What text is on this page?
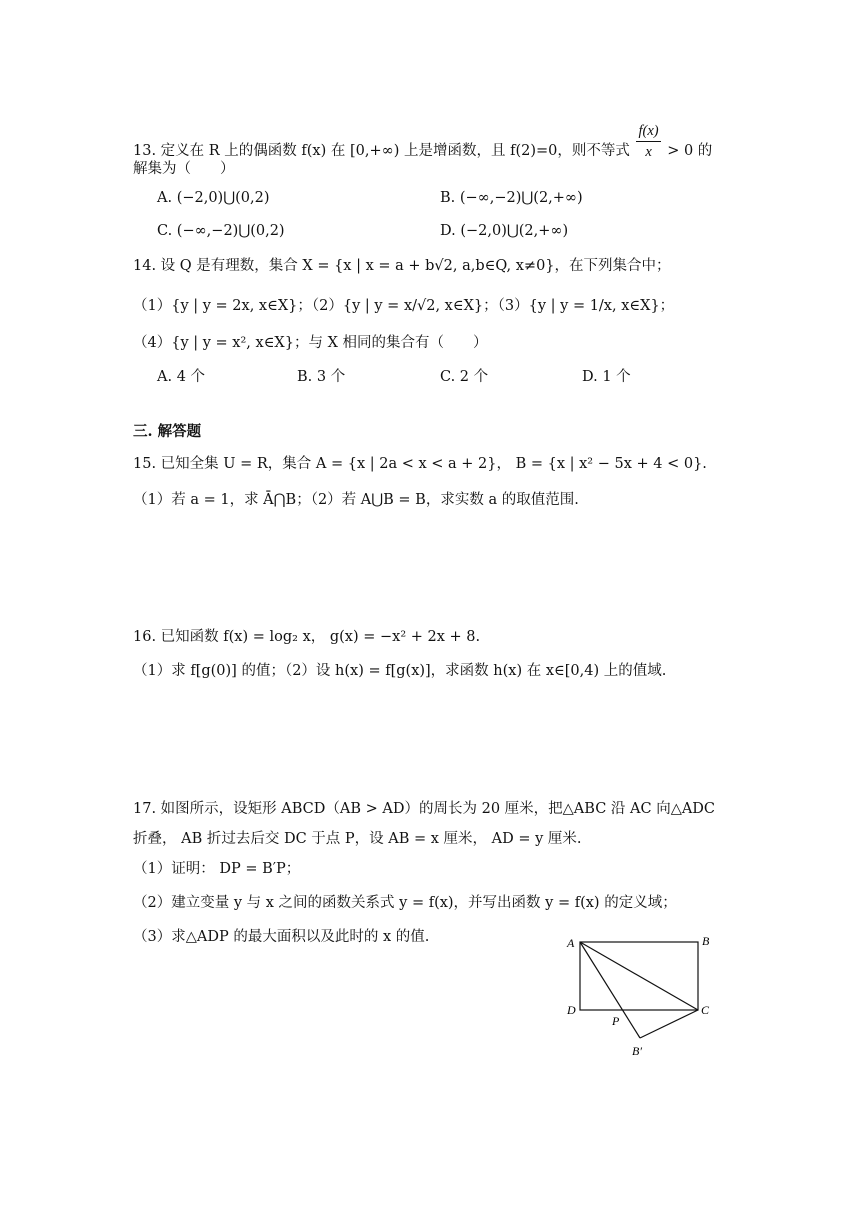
13. 定义在 R 上的偶函数 f(x) 在 [0,+∞) 上是增函数，且 f(2)=0，则不等式 $\frac{f(x)}{x} > 0$ 的
解集为（　　）
A. (−2,0)⋃(0,2)	B. (−∞,−2)⋃(2,+∞)
C. (−∞,−2)⋃(0,2)	D. (−2,0)⋃(2,+∞)
14. 设 Q 是有理数，集合 X = {x | x = a + b√2, a,b∈Q, x≠0}，在下列集合中；
（1）{y | y = 2x, x∈X}；（2）{y | y = x/√2, x∈X}；（3）{y | y = 1/x, x∈X}；
（4）{y | y = x², x∈X}；与 X 相同的集合有（　　）
A. 4 个	B. 3 个	C. 2 个	D. 1 个
三. 解答题
15. 已知全集 U = R，集合 A = {x | 2a < x < a + 2}， B = {x | x² − 5x + 4 < 0}.
（1）若 a = 1，求 Ā⋂B；（2）若 A⋃B = B，求实数 a 的取值范围.
16. 已知函数 f(x) = log₂ x， g(x) = −x² + 2x + 8.
（1）求 f[g(0)] 的值；（2）设 h(x) = f[g(x)]，求函数 h(x) 在 x∈[0,4) 上的值域.
17. 如图所示，设矩形 ABCD（AB > AD）的周长为 20 厘米，把△ABC 沿 AC 向△ADC
折叠， AB 折过去后交 DC 于点 P，设 AB = x 厘米， AD = y 厘米.
（1）证明： DP = B′P；
（2）建立变量 y 与 x 之间的函数关系式 y = f(x)，并写出函数 y = f(x) 的定义域；
（3）求△ADP 的最大面积以及此时的 x 的值.	A	B
C
D
P
B′
